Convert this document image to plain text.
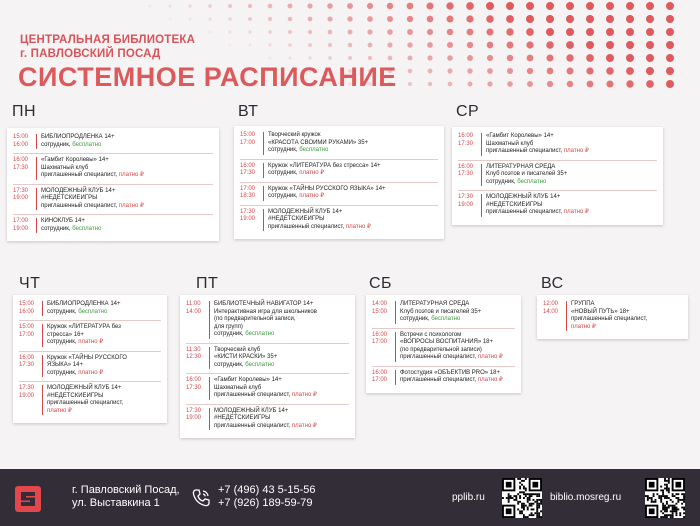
ЦЕНТРАЛЬНАЯ БИБЛИОТЕКА
г. ПАВЛОВСКИЙ ПОСАД
СИСТЕМНОЕ РАСПИСАНИЕ
ПН
15:00
16:00
БИБЛИОПРОДЛЕНКА 14+
сотрудник, бесплатно
16:00
17:30
«Гамбит Королевы» 14+
Шахматный клуб
приглашенный специалист, платно ₽
17:30
19:00
МОЛОДЕЖНЫЙ КЛУБ 14+
#НЕДЕТСКИЕИГРЫ
приглашенный специалист, платно ₽
17:00
19:00
КИНОКЛУБ 14+
сотрудник, бесплатно
ВТ
15:00
17:00
Творческий кружок
«КРАСОТА СВОИМИ РУКАМИ» 35+
сотрудник, бесплатно
16:00
17:30
Кружок «ЛИТЕРАТУРА без стресса» 14+
сотрудник, платно ₽
17:00
18:30
Кружок «ТАЙНЫ РУССКОГО ЯЗЫКА» 14+
сотрудник, платно ₽
17:30
19:00
МОЛОДЕЖНЫЙ КЛУБ 14+
#НЕДЕТСКИЕИГРЫ
приглашенный специалист, платно ₽
СР
16:00
17:30
«Гамбит Королевы» 14+
Шахматный клуб
приглашенный специалист, платно ₽
16:00
17:30
ЛИТЕРАТУРНАЯ СРЕДА
Клуб поэтов и писателей 35+
сотрудник, бесплатно
17:30
19:00
МОЛОДЕЖНЫЙ КЛУБ 14+
#НЕДЕТСКИЕИГРЫ
приглашенный специалист, платно ₽
ЧТ
15:00
16:00
БИБЛИОПРОДЛЕНКА 14+
сотрудник, бесплатно
15:00
17:00
Кружок «ЛИТЕРАТУРА без
стресса» 16+
сотрудник, платно ₽
16:00
17:30
Кружок «ТАЙНЫ РУССКОГО
ЯЗЫКА» 14+
сотрудник, платно ₽
17:30
19:00
МОЛОДЕЖНЫЙ КЛУБ 14+
#НЕДЕТСКИЕИГРЫ
приглашенный специалист,
платно ₽
ПТ
11:00
14:00
БИБЛИОТЕЧНЫЙ НАВИГАТОР 14+
Интерактивная игра для школьников
(по предварительной записи,
для групп)
сотрудник, бесплатно
11:30
12:30
Творческий клуб
«КИСТИ КРАСКИ» 35+
сотрудник, бесплатно
16:00
17:30
«Гамбит Королевы» 14+
Шахматный клуб
приглашенный специалист, платно ₽
17:30
19:00
МОЛОДЕЖНЫЙ КЛУБ 14+
#НЕДЕТСКИЕИГРЫ
приглашенный специалист, платно ₽
СБ
14:00
15:00
ЛИТЕРАТУРНАЯ СРЕДА
Клуб поэтов и писателей 35+
сотрудник, бесплатно
16:00
17:00
Встречи с психологом
«ВОПРОСЫ ВОСПИТАНИЯ» 18+
(по предварительной записи)
приглашенный специалист, платно ₽
16:00
17:00
Фотостудия «ОБЪЕКТИВ PRO» 18+
приглашенный специалист, платно ₽
ВС
12:00
14:00
ГРУППА
«НОВЫЙ ПУТЬ» 18+
приглашенный специалист,
платно ₽
г. Павловский Посад,
ул. Выставкина 1
+7 (496) 43 5-15-56
+7 (926) 189-59-79	pplib.ru	biblio.mosreg.ru
